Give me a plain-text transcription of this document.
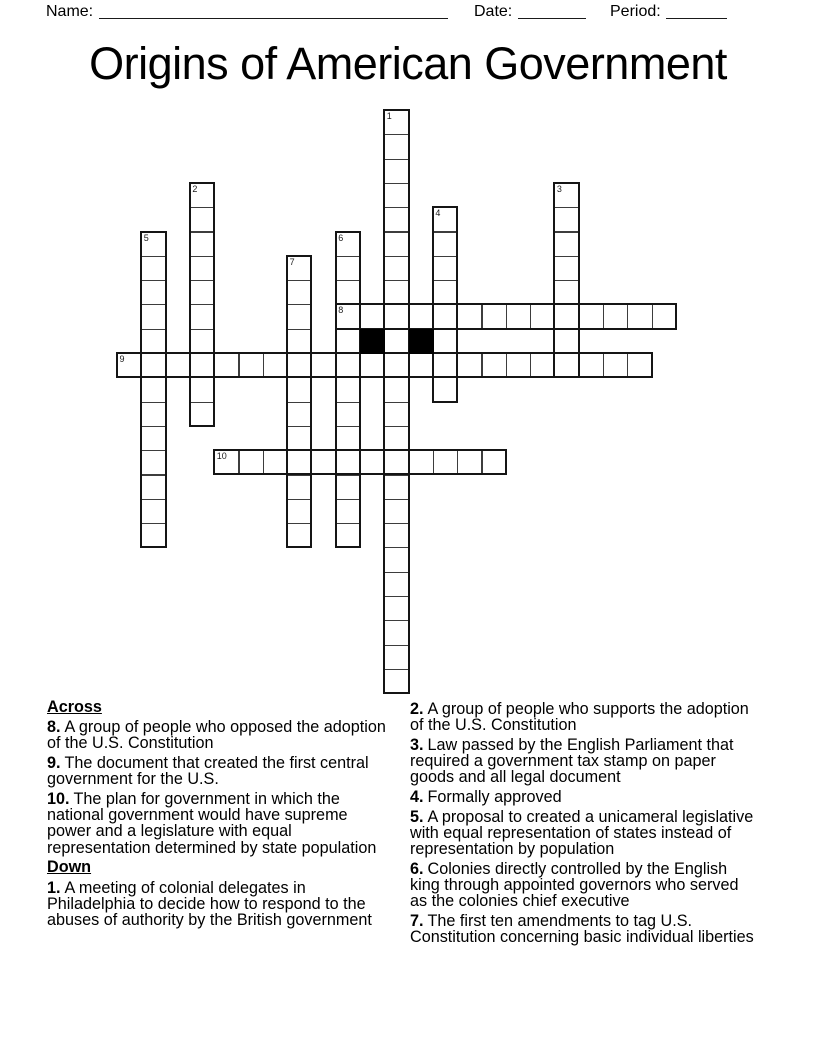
Name:	Date:	Period:
Origins of American Government
1
2	3
4
5	6
7
8
9
10

Across

8. A group of people who opposed the adoption of the U.S. Constitution

9. The document that created the first central government for the U.S.

10. The plan for government in which the national government would have supreme power and a legislature with equal representation determined by state population

Down

1. A meeting of colonial delegates in Philadelphia to decide how to respond to the abuses of authority by the British government

2. A group of people who supports the adoption of the U.S. Constitution

3. Law passed by the English Parliament that required a government tax stamp on paper goods and all legal document

4. Formally approved

5. A proposal to created a unicameral legislative with equal representation of states instead of representation by population

6. Colonies directly controlled by the English king through appointed governors who served as the colonies chief executive

7. The first ten amendments to tag U.S. Constitution concerning basic individual liberties
